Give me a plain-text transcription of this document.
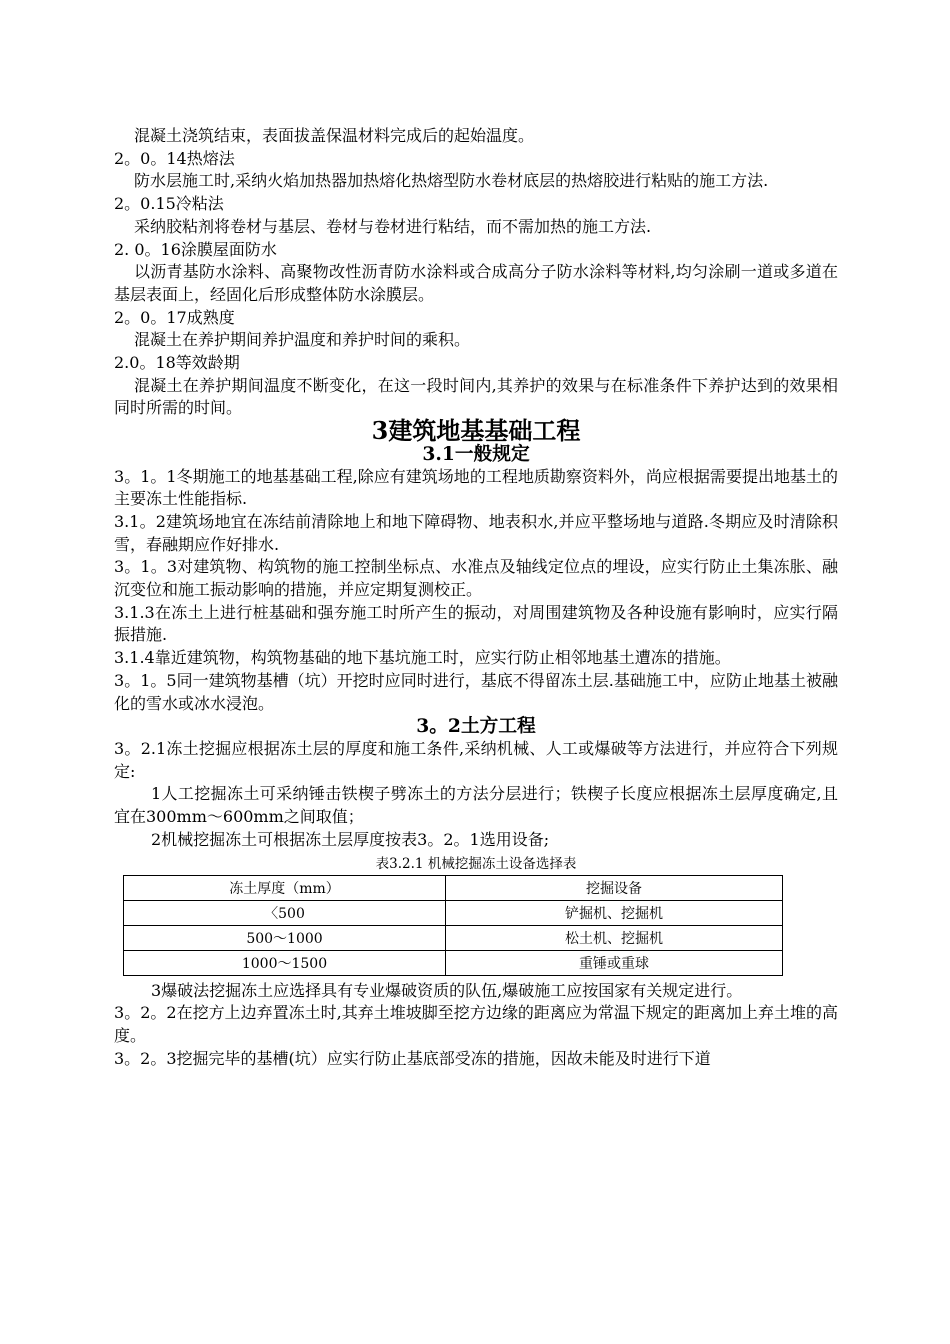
混凝土浇筑结束，表面拔盖保温材料完成后的起始温度。

2。0。14热熔法

防水层施工时,采纳火焰加热器加热熔化热熔型防水卷材底层的热熔胶进行粘贴的施工方法.

2。0.15冷粘法

采纳胶粘剂将卷材与基层、卷材与卷材进行粘结，而不需加热的施工方法.

2. 0。16涂膜屋面防水

以沥青基防水涂料、高聚物改性沥青防水涂料或合成高分子防水涂料等材料,均匀涂刷一道或多道在基层表面上，经固化后形成整体防水涂膜层。

2。0。17成熟度

混凝土在养护期间养护温度和养护时间的乘积。

2.0。18等效龄期

混凝土在养护期间温度不断变化，在这一段时间内,其养护的效果与在标准条件下养护达到的效果相同时所需的时间。

3建筑地基基础工程
3.1一般规定

3。1。1冬期施工的地基基础工程,除应有建筑场地的工程地质勘察资料外，尚应根据需要提出地基土的主要冻土性能指标.

3.1。2建筑场地宜在冻结前清除地上和地下障碍物、地表积水,并应平整场地与道路.冬期应及时清除积雪，春融期应作好排水.

3。1。3对建筑物、构筑物的施工控制坐标点、水准点及轴线定位点的埋设，应实行防止土集冻胀、融沉变位和施工振动影响的措施，并应定期复测校正。

3.1.3在冻土上进行桩基础和强夯施工时所产生的振动，对周围建筑物及各种设施有影响时，应实行隔振措施.

3.1.4靠近建筑物，构筑物基础的地下基坑施工时，应实行防止相邻地基土遭冻的措施。

3。1。5同一建筑物基槽（坑）开挖时应同时进行，基底不得留冻土层.基础施工中，应防止地基土被融化的雪水或冰水浸泡。

3。2土方工程

3。2.1冻土挖掘应根据冻土层的厚度和施工条件,采纳机械、人工或爆破等方法进行，并应符合下列规定:

1人工挖掘冻土可采纳锤击铁楔子劈冻土的方法分层进行；铁楔子长度应根据冻土层厚度确定,且宜在300mm～600mm之间取值；

2机械挖掘冻土可根据冻土层厚度按表3。2。1选用设备;

表3.2.1 机械挖掘冻土设备选择表

冻土厚度（mm）	挖掘设备
〈500	铲掘机、挖掘机
500～1000	松土机、挖掘机
1000～1500	重锤或重球

3爆破法挖掘冻土应选择具有专业爆破资质的队伍,爆破施工应按国家有关规定进行。

3。2。2在挖方上边弃置冻土时,其弃土堆坡脚至挖方边缘的距离应为常温下规定的距离加上弃土堆的高度。

3。2。3挖掘完毕的基槽(坑）应实行防止基底部受冻的措施，因故未能及时进行下道
